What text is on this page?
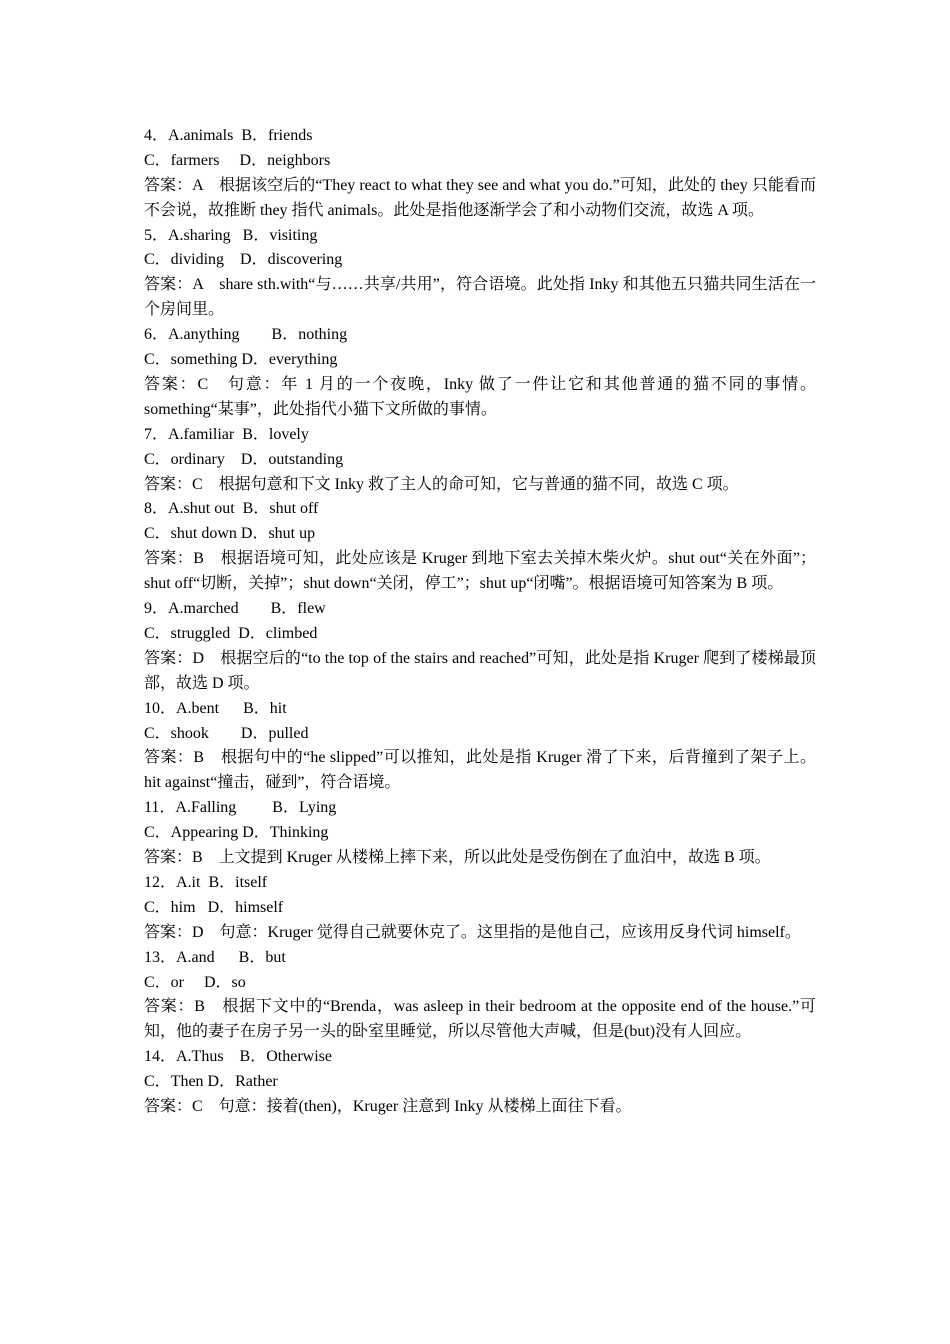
4．A.animals  B．friends
C．farmers     D．neighbors
答案：A　根据该空后的“They react to what they see and what you do.”可知，此处的 they 只能看而不会说，故推断 they 指代 animals。此处是指他逐渐学会了和小动物们交流，故选 A 项。
5．A.sharing   B．visiting
C．dividing    D．discovering
答案：A　share sth.with“与……共享/共用”，符合语境。此处指 Inky 和其他五只猫共同生活在一个房间里。
6．A.anything        B．nothing
C．something D．everything
答案：C　句意：年 1 月的一个夜晚，Inky 做了一件让它和其他普通的猫不同的事情。something“某事”，此处指代小猫下文所做的事情。
7．A.familiar  B．lovely
C．ordinary    D．outstanding
答案：C　根据句意和下文 Inky 救了主人的命可知，它与普通的猫不同，故选 C 项。
8．A.shut out  B．shut off
C．shut down D．shut up
答案：B　根据语境可知，此处应该是 Kruger 到地下室去关掉木柴火炉。shut out“关在外面”；shut off“切断，关掉”；shut down“关闭，停工”；shut up“闭嘴”。根据语境可知答案为 B 项。
9．A.marched        B．flew
C．struggled  D．climbed
答案：D　根据空后的“to the top of the stairs and reached”可知，此处是指 Kruger 爬到了楼梯最顶部，故选 D 项。
10．A.bent      B．hit
C．shook        D．pulled
答案：B　根据句中的“he slipped”可以推知，此处是指 Kruger 滑了下来，后背撞到了架子上。hit against“撞击，碰到”，符合语境。
11．A.Falling         B．Lying
C．Appearing D．Thinking
答案：B　上文提到 Kruger 从楼梯上摔下来，所以此处是受伤倒在了血泊中，故选 B 项。
12．A.it  B．itself
C．him   D．himself
答案：D　句意：Kruger 觉得自己就要休克了。这里指的是他自己，应该用反身代词 himself。
13．A.and      B．but
C．or     D．so
答案：B　根据下文中的“Brenda，was asleep in their bedroom at the opposite end of the house.”可知，他的妻子在房子另一头的卧室里睡觉，所以尽管他大声喊，但是(but)没有人回应。
14．A.Thus    B．Otherwise
C．Then D．Rather
答案：C　句意：接着(then)，Kruger 注意到 Inky 从楼梯上面往下看。
